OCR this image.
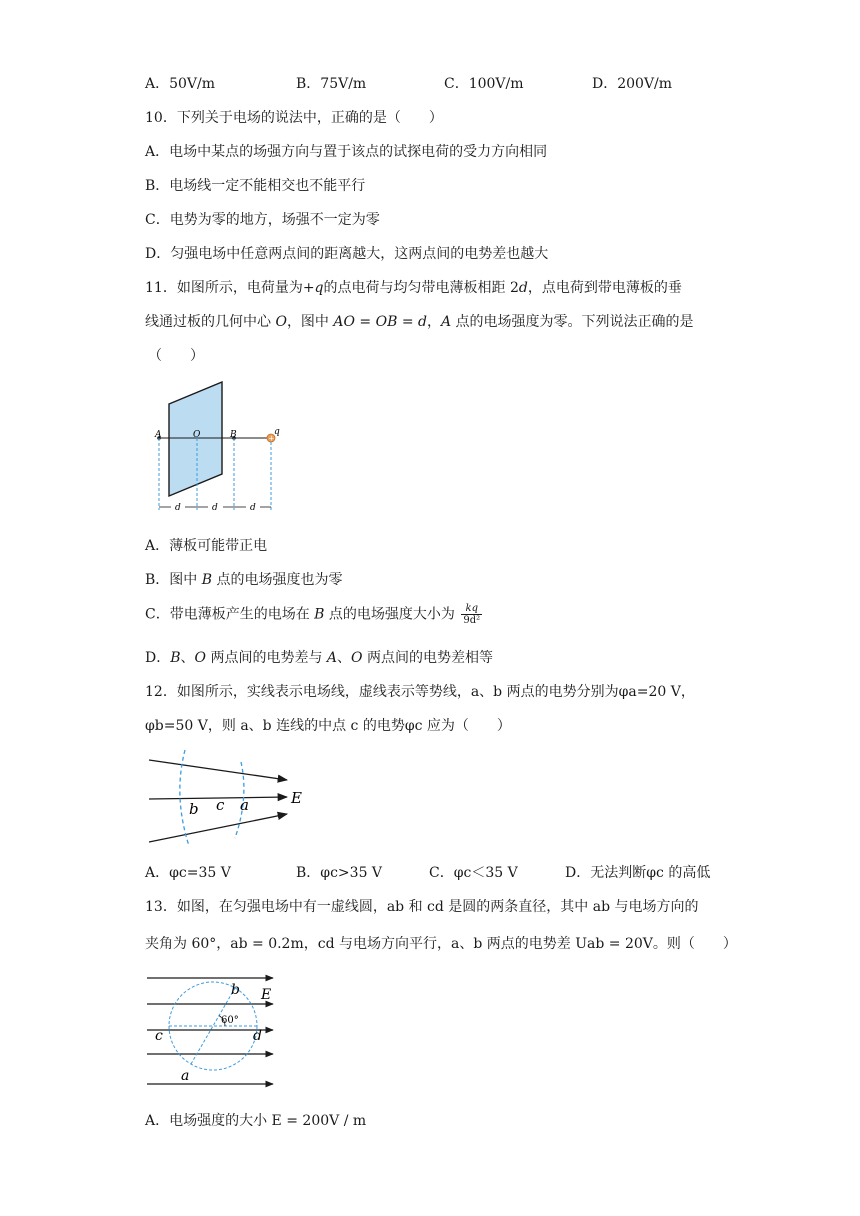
A．50V/m	B．75V/m	C．100V/m	D．200V/m
10．下列关于电场的说法中，正确的是（　　）
A．电场中某点的场强方向与置于该点的试探电荷的受力方向相同
B．电场线一定不能相交也不能平行
C．电势为零的地方，场强不一定为零
D．匀强电场中任意两点间的距离越大，这两点间的电势差也越大
11．如图所示，电荷量为+q的点电荷与均匀带电薄板相距 2d，点电荷到带电薄板的垂
线通过板的几何中心 O，图中 AO = OB = d，A 点的电场强度为零。下列说法正确的是
（　　）
+
A	O	B	q
d	d	d
A．薄板可能带正电
B．图中 B 点的电场强度也为零
C．带电薄板产生的电场在 B 点的电场强度大小为 $\frac{kq}{\text{9d²}}$
D．B、O 两点间的电势差与 A、O 两点间的电势差相等
12．如图所示，实线表示电场线，虚线表示等势线，a、b 两点的电势分别为φa=20 V，
φb=50 V，则 a、b 连线的中点 c 的电势φc 应为（　　）
b c a	E
A．φc=35 V	B．φc>35 V	C．φc＜35 V	D．无法判断φc 的高低
13．如图，在匀强电场中有一虚线圆，ab 和 cd 是圆的两条直径，其中 ab 与电场方向的
夹角为 60°，ab = 0.2m，cd 与电场方向平行，a、b 两点的电势差 Uab = 20V。则（　　）
b E
c	d
a
60°
A．电场强度的大小 E = 200V / m
